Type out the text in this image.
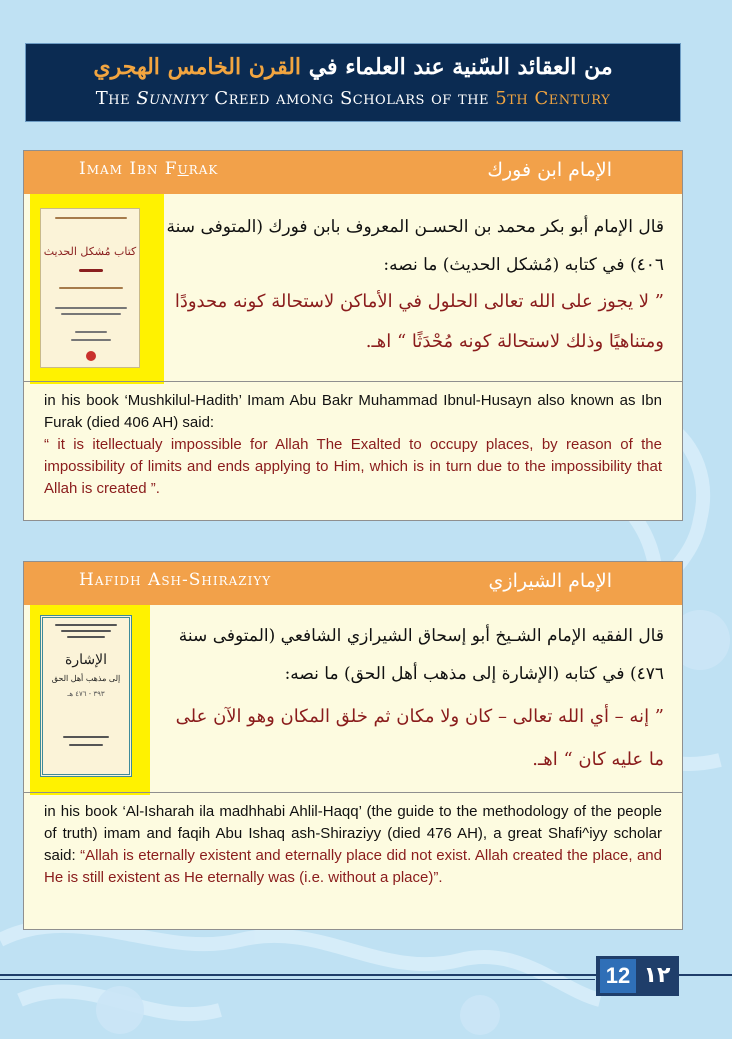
من العقائد السّنية عند العلماء في القرن الخامس الهجري
The Sunniyy Creed among Scholars of the 5th Century
Imam Ibn Furak	الإمام ابن فورك
كتاب مُشكل الحديث
قال الإمام أبو بكر محمد بن الحسـن المعروف بابن فورك (المتوفى سنة
٤٠٦) في كتابه (مُشكل الحديث) ما نصه:
” لا يجوز على الله تعالى الحلول في الأماكن لاستحالة كونه محدودًا
ومتناهيًا وذلك لاستحالة كونه مُحْدَثًا “ اهـ.
in his book ‘Mushkilul-Hadith’ Imam Abu Bakr Muhammad Ibnul-Husayn also known as Ibn Furak (died 406 AH) said:
“ it is itellectualy impossible for Allah The Exalted to occupy places, by reason of the impossibility of limits and ends applying to Him, which is in turn due to the impossibility that Allah is created ”.
Hafidh Ash-Shiraziyy	الإمام الشيرازي
الإشارة
إلى مذهب أهل الحق
٣٩٣ - ٤٧٦ هـ
قال الفقيه الإمام الشـيخ أبو إسحاق الشيرازي الشافعي (المتوفى سنة
٤٧٦) في كتابه (الإشارة إلى مذهب أهل الحق) ما نصه:
” إنه – أي الله تعالى – كان ولا مكان ثم خلق المكان وهو الآن على
ما عليه كان “ اهـ.
in his book ‘Al-Isharah ila madhhabi Ahlil-Haqq’ (the guide to the methodology of the people of truth) imam and faqih Abu Ishaq ash-Shiraziyy (died 476 AH), a great Shafi^iyy scholar said: “Allah is eternally existent and eternally place did not exist. Allah created the place, and He is still existent as He eternally was (i.e. without a place)”.
12 ١٢
